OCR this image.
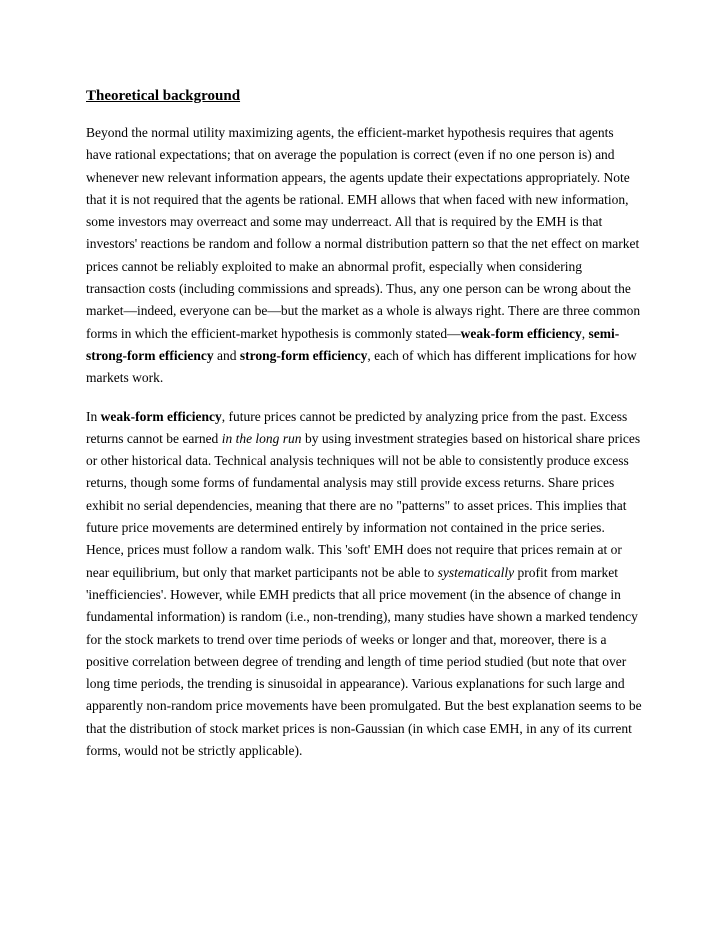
Theoretical background

Beyond the normal utility maximizing agents, the efficient-market hypothesis requires that agents have rational expectations; that on average the population is correct (even if no one person is) and whenever new relevant information appears, the agents update their expectations appropriately. Note that it is not required that the agents be rational. EMH allows that when faced with new information, some investors may overreact and some may underreact. All that is required by the EMH is that investors' reactions be random and follow a normal distribution pattern so that the net effect on market prices cannot be reliably exploited to make an abnormal profit, especially when considering transaction costs (including commissions and spreads). Thus, any one person can be wrong about the market—indeed, everyone can be—but the market as a whole is always right. There are three common forms in which the efficient-market hypothesis is commonly stated—weak-form efficiency, semi-strong-form efficiency and strong-form efficiency, each of which has different implications for how markets work.

In weak-form efficiency, future prices cannot be predicted by analyzing price from the past. Excess returns cannot be earned in the long run by using investment strategies based on historical share prices or other historical data. Technical analysis techniques will not be able to consistently produce excess returns, though some forms of fundamental analysis may still provide excess returns. Share prices exhibit no serial dependencies, meaning that there are no "patterns" to asset prices. This implies that future price movements are determined entirely by information not contained in the price series. Hence, prices must follow a random walk. This 'soft' EMH does not require that prices remain at or near equilibrium, but only that market participants not be able to systematically profit from market 'inefficiencies'. However, while EMH predicts that all price movement (in the absence of change in fundamental information) is random (i.e., non-trending), many studies have shown a marked tendency for the stock markets to trend over time periods of weeks or longer and that, moreover, there is a positive correlation between degree of trending and length of time period studied (but note that over long time periods, the trending is sinusoidal in appearance). Various explanations for such large and apparently non-random price movements have been promulgated. But the best explanation seems to be that the distribution of stock market prices is non-Gaussian (in which case EMH, in any of its current forms, would not be strictly applicable).
